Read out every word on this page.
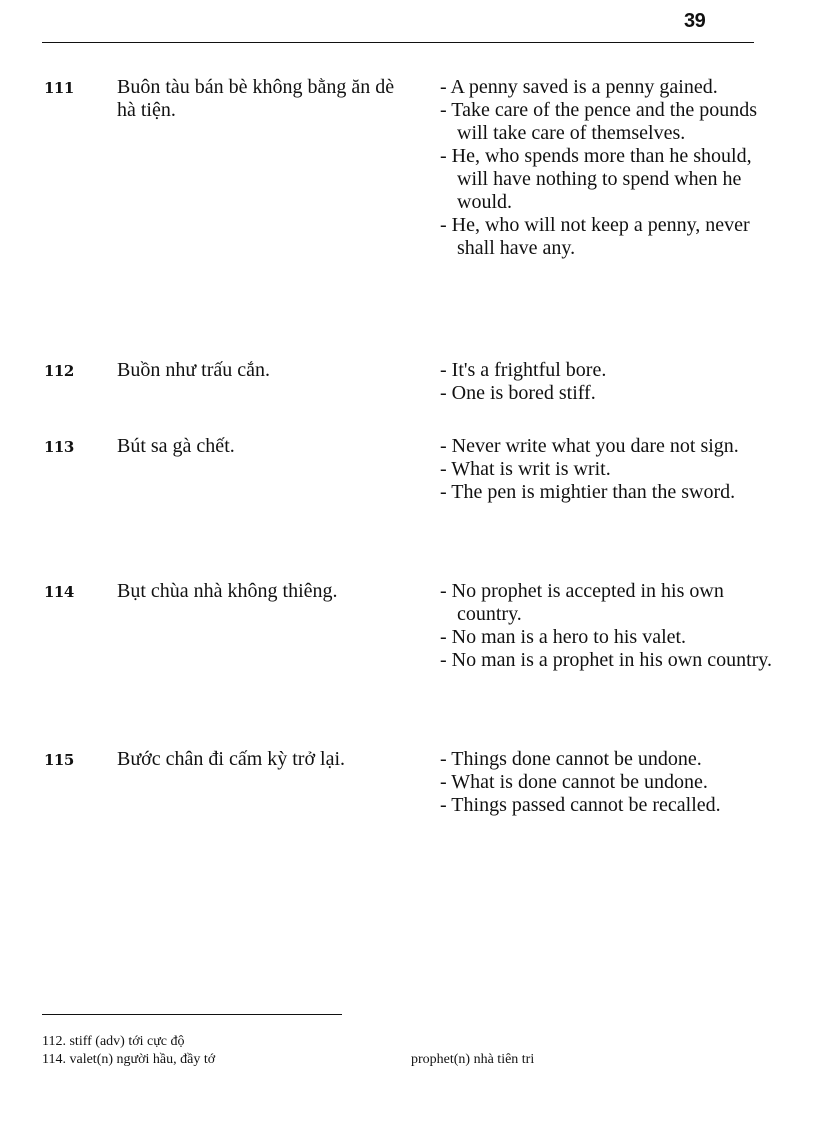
39
111 Buôn tàu bán bè không bằng ăn dè hà tiện.
- A penny saved is a penny gained.
- Take care of the pence and the pounds will take care of themselves.
- He, who spends more than he should, will have nothing to spend when he would.
- He, who will not keep a penny, never shall have any.
112 Buồn như trấu cắn.	- It's a frightful bore.
- One is bored stiff.
113 Bút sa gà chết.	- Never write what you dare not sign.
- What is writ is writ.
- The pen is mightier than the sword.
114 Bụt chùa nhà không thiêng.	- No prophet is accepted in his own country.
- No man is a hero to his valet.
- No man is a prophet in his own country.
115 Bước chân đi cấm kỳ trở lại.	- Things done cannot be undone.
- What is done cannot be undone.
- Things passed cannot be recalled.
112. stiff (adv) tới cực độ
114. valet(n) người hầu, đầy tớ	prophet(n) nhà tiên tri
